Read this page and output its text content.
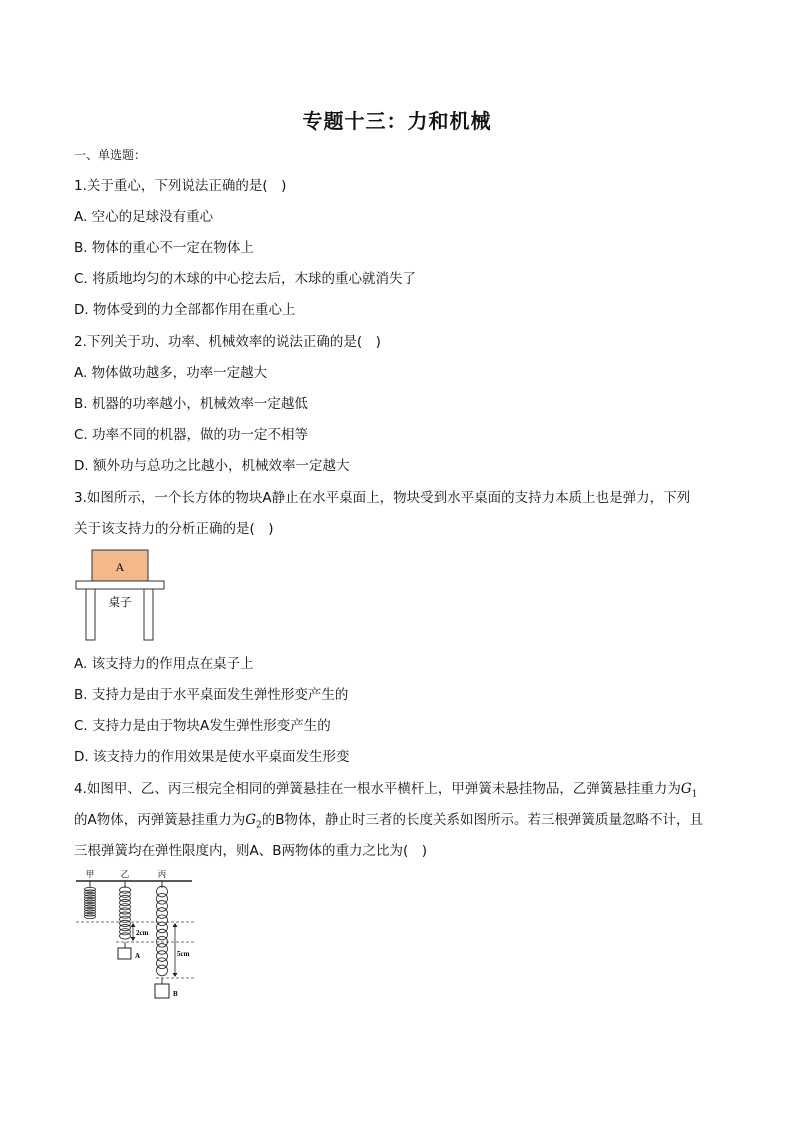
专题十三：力和机械
一、单选题：
1.关于重心，下列说法正确的是(　)
A. 空心的足球没有重心
B. 物体的重心不一定在物体上
C. 将质地均匀的木球的中心挖去后，木球的重心就消失了
D. 物体受到的力全部都作用在重心上
2.下列关于功、功率、机械效率的说法正确的是(　)
A. 物体做功越多，功率一定越大
B. 机器的功率越小，机械效率一定越低
C. 功率不同的机器，做的功一定不相等
D. 额外功与总功之比越小，机械效率一定越大
3.如图所示，一个长方体的物块A静止在水平桌面上，物块受到水平桌面的支持力本质上也是弹力，下列
关于该支持力的分析正确的是(　)
A
桌子
A. 该支持力的作用点在桌子上
B. 支持力是由于水平桌面发生弹性形变产生的
C. 支持力是由于物块A发生弹性形变产生的
D. 该支持力的作用效果是使水平桌面发生形变
4.如图甲、乙、丙三根完全相同的弹簧悬挂在一根水平横杆上，甲弹簧未悬挂物品，乙弹簧悬挂重力为$G_1$
的A物体，丙弹簧悬挂重力为$G_2$的B物体，静止时三者的长度关系如图所示。若三根弹簧质量忽略不计，且
三根弹簧均在弹性限度内，则A、B两物体的重力之比为(　)
甲	乙	丙
2cm
5cm
A
B
